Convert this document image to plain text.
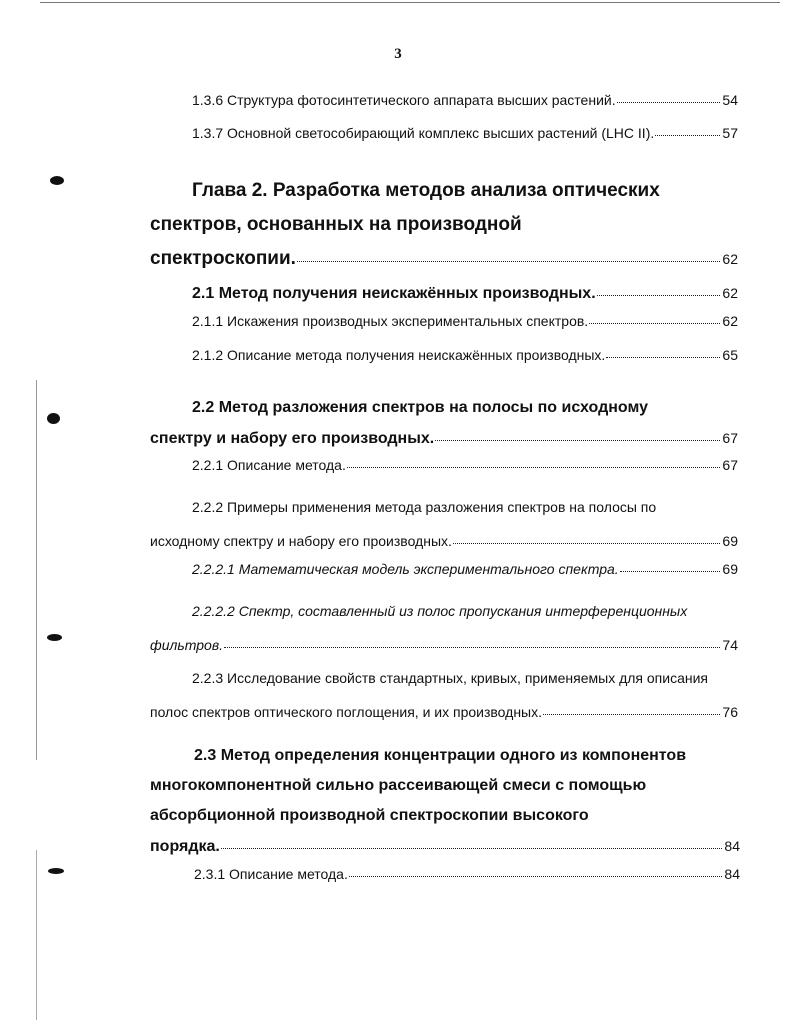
3
1.3.6 Структура фотосинтетического аппарата высших растений.	54
1.3.7 Основной светособирающий комплекс высших растений (LHC II).	57
Глава 2. Разработка методов анализа оптических
спектров, основанных на производной
спектроскопии.	62
2.1 Метод получения неискажённых производных.	62
2.1.1 Искажения производных экспериментальных спектров.	62
2.1.2 Описание метода получения неискажённых производных.	65
2.2 Метод разложения спектров на полосы по исходному
спектру и набору его производных.	67
2.2.1 Описание метода.	67
2.2.2 Примеры применения метода разложения спектров на полосы по
исходному спектру и набору его производных.	69
2.2.2.1 Математическая модель экспериментального спектра.	69
2.2.2.2 Спектр, составленный из полос пропускания интерференционных
фильтров.	74
2.2.3 Исследование свойств стандартных, кривых, применяемых для описания
полос спектров оптического поглощения, и их производных.	76
2.3 Метод определения концентрации одного из компонентов
многокомпонентной сильно рассеивающей смеси с помощью
абсорбционной производной спектроскопии высокого
порядка.	84
2.3.1 Описание метода.	84
